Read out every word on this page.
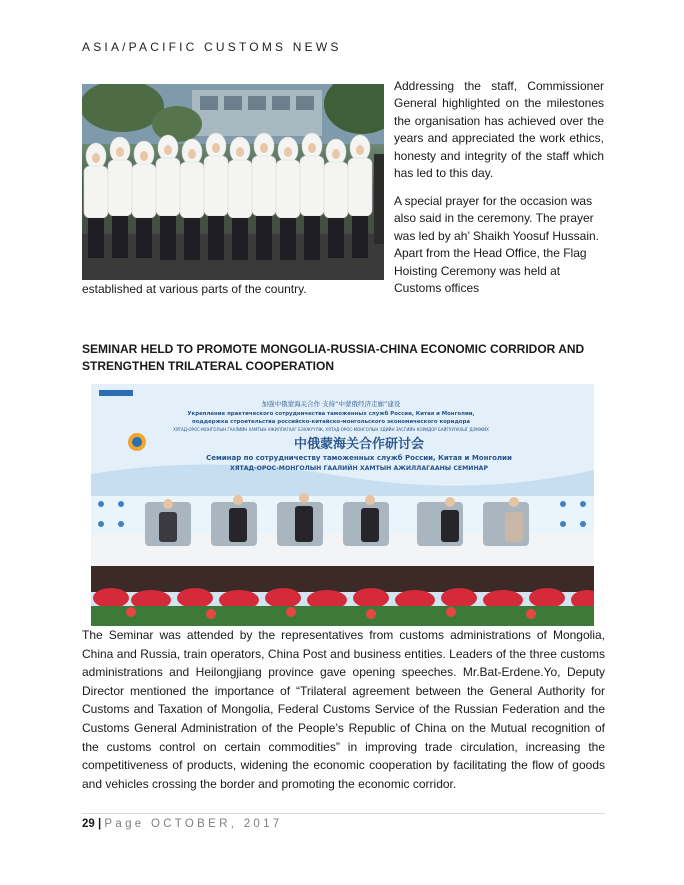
ASIA/PACIFIC CUSTOMS NEWS

Addressing the staff, Commissioner General highlighted on the milestones the organisation has achieved over the years and appreciated the work ethics, honesty and integrity of the staff which has led to this day.

A special prayer for the occasion was also said in the ceremony. The prayer was led by ah’ Shaikh Yoosuf Hussain. Apart from the Head Office, the Flag Hoisting Ceremony was held at Customs offices

established at various parts of the country.

SEMINAR HELD TO PROMOTE MONGOLIA-RUSSIA-CHINA ECONOMIC CORRIDOR AND STRENGTHEN TRILATERAL COOPERATION

加强中俄蒙海关合作 支持“中蒙俄经济走廊”建设
Укрепление практического сотрудничества таможенных служб России, Китая и Монголии,
поддержка строительства российско-китайско-монгольского экономического коридора
ХЯТАД-ОРОС-МОНГОЛЫН ГААЛИЙН ХАМТЫН АЖИЛЛАГААГ БЭХЖҮҮЛЖ, ХЯТАД-ОРОС-МОНГОЛЫН ЭДИЙН ЗАСГИЙН КОРИДОР БАЙГУУЛАХЫГ ДЭМЖИХ
中俄蒙海关合作研讨会
Семинар по сотрудничеству таможенных служб России, Китая и Монголии
ХЯТАД-ОРОС-МОНГОЛЫН ГААЛИЙН ХАМТЫН АЖИЛЛАГААНЫ СЕМИНАР

The Seminar was attended by the representatives from customs administrations of Mongolia, China and Russia, train operators, China Post and business entities. Leaders of the three customs administrations and Heilongjiang province gave opening speeches. Mr.Bat-Erdene.Yo, Deputy Director mentioned the importance of “Trilateral agreement between the General Authority for Customs and Taxation of Mongolia, Federal Customs Service of the Russian Federation and the Customs General Administration of the People’s Republic of China on the Mutual recognition of the customs control on certain commodities” in improving trade circulation, increasing the competitiveness of products, widening the economic cooperation by facilitating the flow of goods and vehicles crossing the border and promoting the economic corridor.

29 | Page OCTOBER, 2017
